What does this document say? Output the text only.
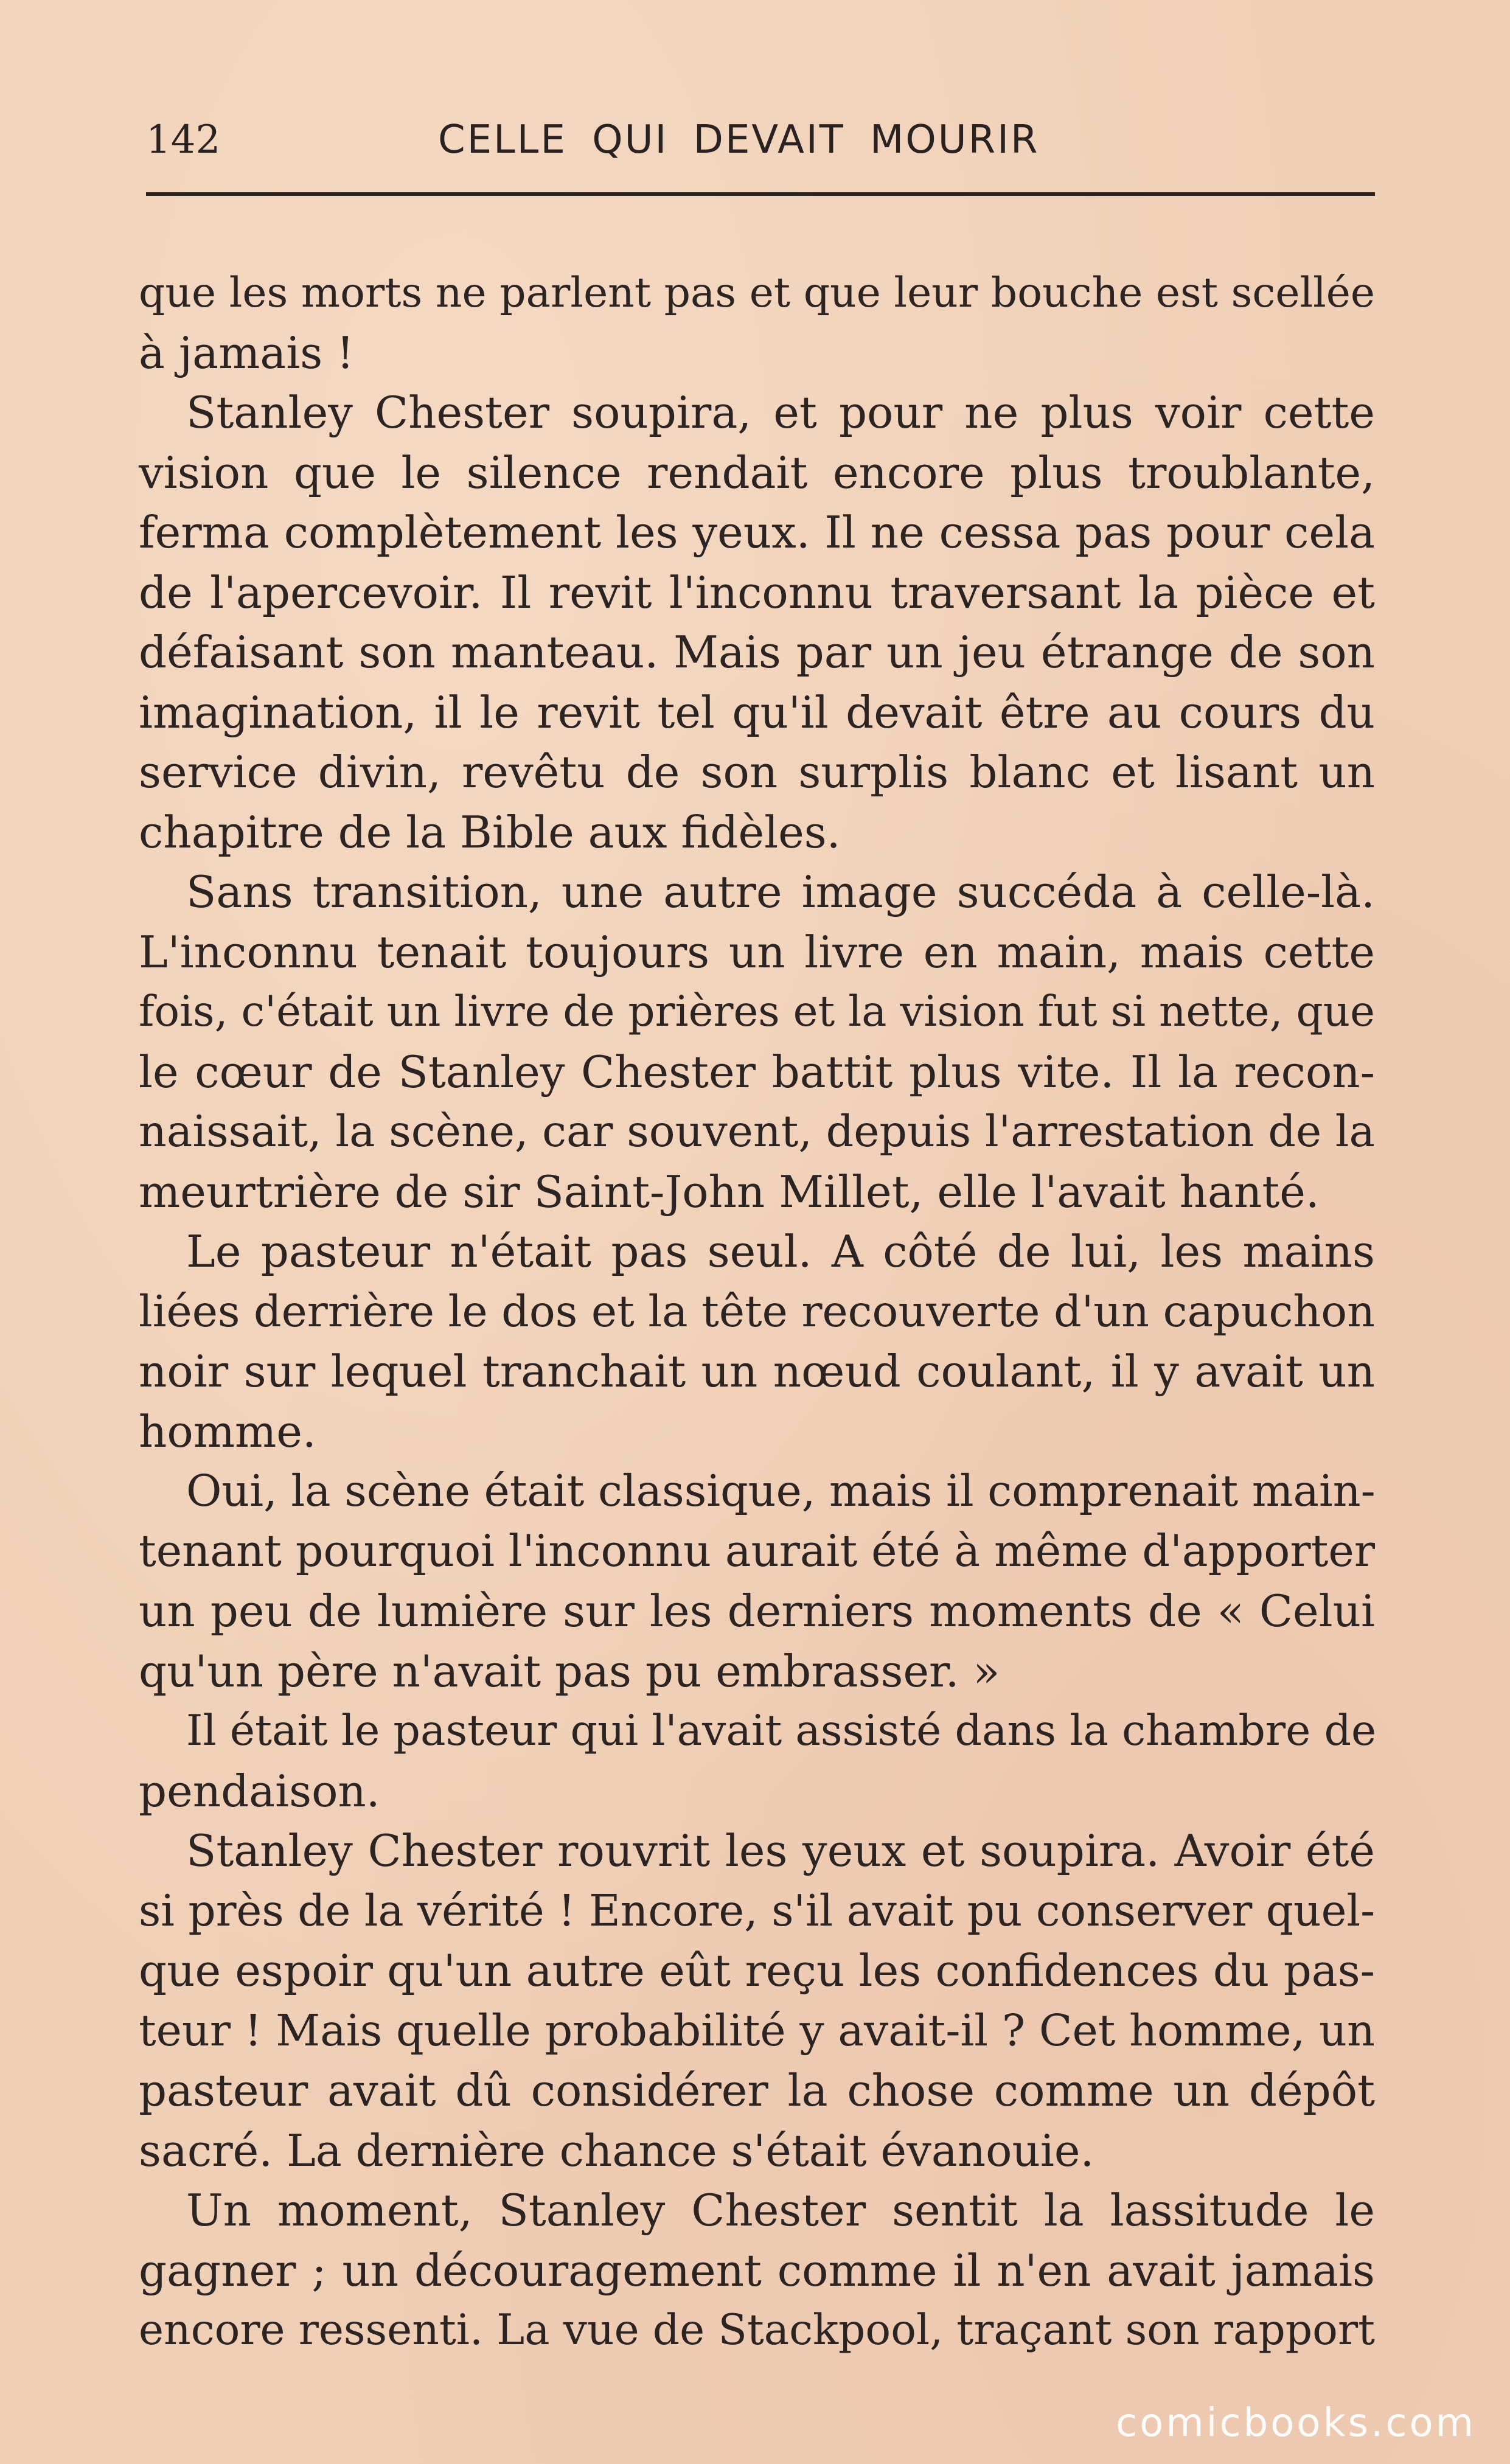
142	CELLE QUI DEVAIT MOURIR
que les morts ne parlent pas et que leur bouche est scellée
à jamais !
Stanley Chester soupira, et pour ne plus voir cette
vision que le silence rendait encore plus troublante,
ferma complètement les yeux. Il ne cessa pas pour cela
de l'apercevoir. Il revit l'inconnu traversant la pièce et
défaisant son manteau. Mais par un jeu étrange de son
imagination, il le revit tel qu'il devait être au cours du
service divin, revêtu de son surplis blanc et lisant un
chapitre de la Bible aux fidèles.
Sans transition, une autre image succéda à celle-là.
L'inconnu tenait toujours un livre en main, mais cette
fois, c'était un livre de prières et la vision fut si nette, que
le cœur de Stanley Chester battit plus vite. Il la recon-
naissait, la scène, car souvent, depuis l'arrestation de la
meurtrière de sir Saint-John Millet, elle l'avait hanté.
Le pasteur n'était pas seul. A côté de lui, les mains
liées derrière le dos et la tête recouverte d'un capuchon
noir sur lequel tranchait un nœud coulant, il y avait un
homme.
Oui, la scène était classique, mais il comprenait main-
tenant pourquoi l'inconnu aurait été à même d'apporter
un peu de lumière sur les derniers moments de « Celui
qu'un père n'avait pas pu embrasser. »
Il était le pasteur qui l'avait assisté dans la chambre de
pendaison.
Stanley Chester rouvrit les yeux et soupira. Avoir été
si près de la vérité ! Encore, s'il avait pu conserver quel-
que espoir qu'un autre eût reçu les confidences du pas-
teur ! Mais quelle probabilité y avait-il ? Cet homme, un
pasteur avait dû considérer la chose comme un dépôt
sacré. La dernière chance s'était évanouie.
Un moment, Stanley Chester sentit la lassitude le
gagner ; un découragement comme il n'en avait jamais
encore ressenti. La vue de Stackpool, traçant son rapport
comicbooks.com
